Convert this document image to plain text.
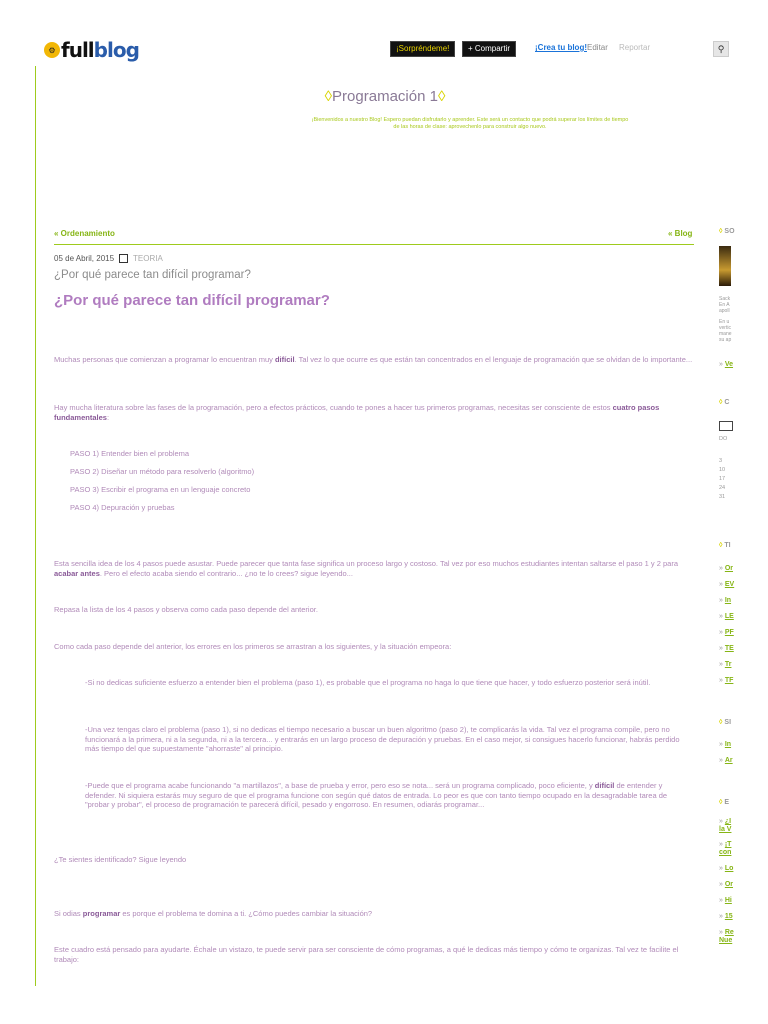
⚙ full blog	¡Sorpréndeme!	+ Compartir	¡Crea tu blog! Editar	Reportar	⚲
◊Programación 1◊
¡Bienvenidos a nuestro Blog! Espero puedan disfrutarlo y aprender. Este será un contacto que podrá superar los límites de tiempo
de las horas de clase: aprovechenlo para construir algo nuevo.
« Ordenamiento	« Blog
05 de Abril, 2015 TEORIA
¿Por qué parece tan difícil programar?
¿Por qué parece tan difícil programar?
Muchas personas que comienzan a programar lo encuentran muy difícil. Tal vez lo que ocurre es que están tan concentrados en el lenguaje de programación que se olvidan de lo importante...
Hay mucha literatura sobre las fases de la programación, pero a efectos prácticos, cuando te pones a hacer tus primeros programas, necesitas ser consciente de estos cuatro pasos fundamentales:
PASO 1) Entender bien el problema
PASO 2) Diseñar un método para resolverlo (algoritmo)
PASO 3) Escribir el programa en un lenguaje concreto
PASO 4) Depuración y pruebas
Esta sencilla idea de los 4 pasos puede asustar. Puede parecer que tanta fase significa un proceso largo y costoso. Tal vez por eso muchos estudiantes intentan saltarse el paso 1 y 2 para acabar antes. Pero el efecto acaba siendo el contrario... ¿no te lo crees? sigue leyendo...
Repasa la lista de los 4 pasos y observa como cada paso depende del anterior.
Como cada paso depende del anterior, los errores en los primeros se arrastran a los siguientes, y la situación empeora:
-Si no dedicas suficiente esfuerzo a entender bien el problema (paso 1), es probable que el programa no haga lo que tiene que hacer, y todo esfuerzo posterior será inútil.
-Una vez tengas claro el problema (paso 1), si no dedicas el tiempo necesario a buscar un buen algoritmo (paso 2), te complicarás la vida. Tal vez el programa compile, pero no funcionará a la primera, ni a la segunda, ni a la tercera... y entrarás en un largo proceso de depuración y pruebas. En el caso mejor, si consigues hacerlo funcionar, habrás perdido más tiempo del que supuestamente "ahorraste" al principio.
-Puede que el programa acabe funcionando "a martillazos", a base de prueba y error, pero eso se nota... será un programa complicado, poco eficiente, y difícil de entender y defender. Ni siquiera estarás muy seguro de que el programa funcione con según qué datos de entrada. Lo peor es que con tanto tiempo ocupado en la desagradable tarea de "probar y probar", el proceso de programación te parecerá difícil, pesado y engorroso. En resumen, odiarás programar...
¿Te sientes identificado? Sigue leyendo
Si odias programar es porque el problema te domina a ti. ¿Cómo puedes cambiar la situación?
Este cuadro está pensado para ayudarte. Échale un vistazo, te puede servir para ser consciente de cómo programas, a qué le dedicas más tiempo y cómo te organizas. Tal vez te facilite el trabajo:
◊ SO
Sack
En A
apoll
En u
vertic
mane
su ap
» Ve
◊ C
DO
3
10
17
24
31
◊ TI
» Or
» EV
» In
» LE
» PF
» TE
» Tr
» TF
◊ SI
» In
» Ar
◊ E
» ¿I
la V
» ¡T
con
» Lo
» Or
» Hi
» 15
» Re
Nue
